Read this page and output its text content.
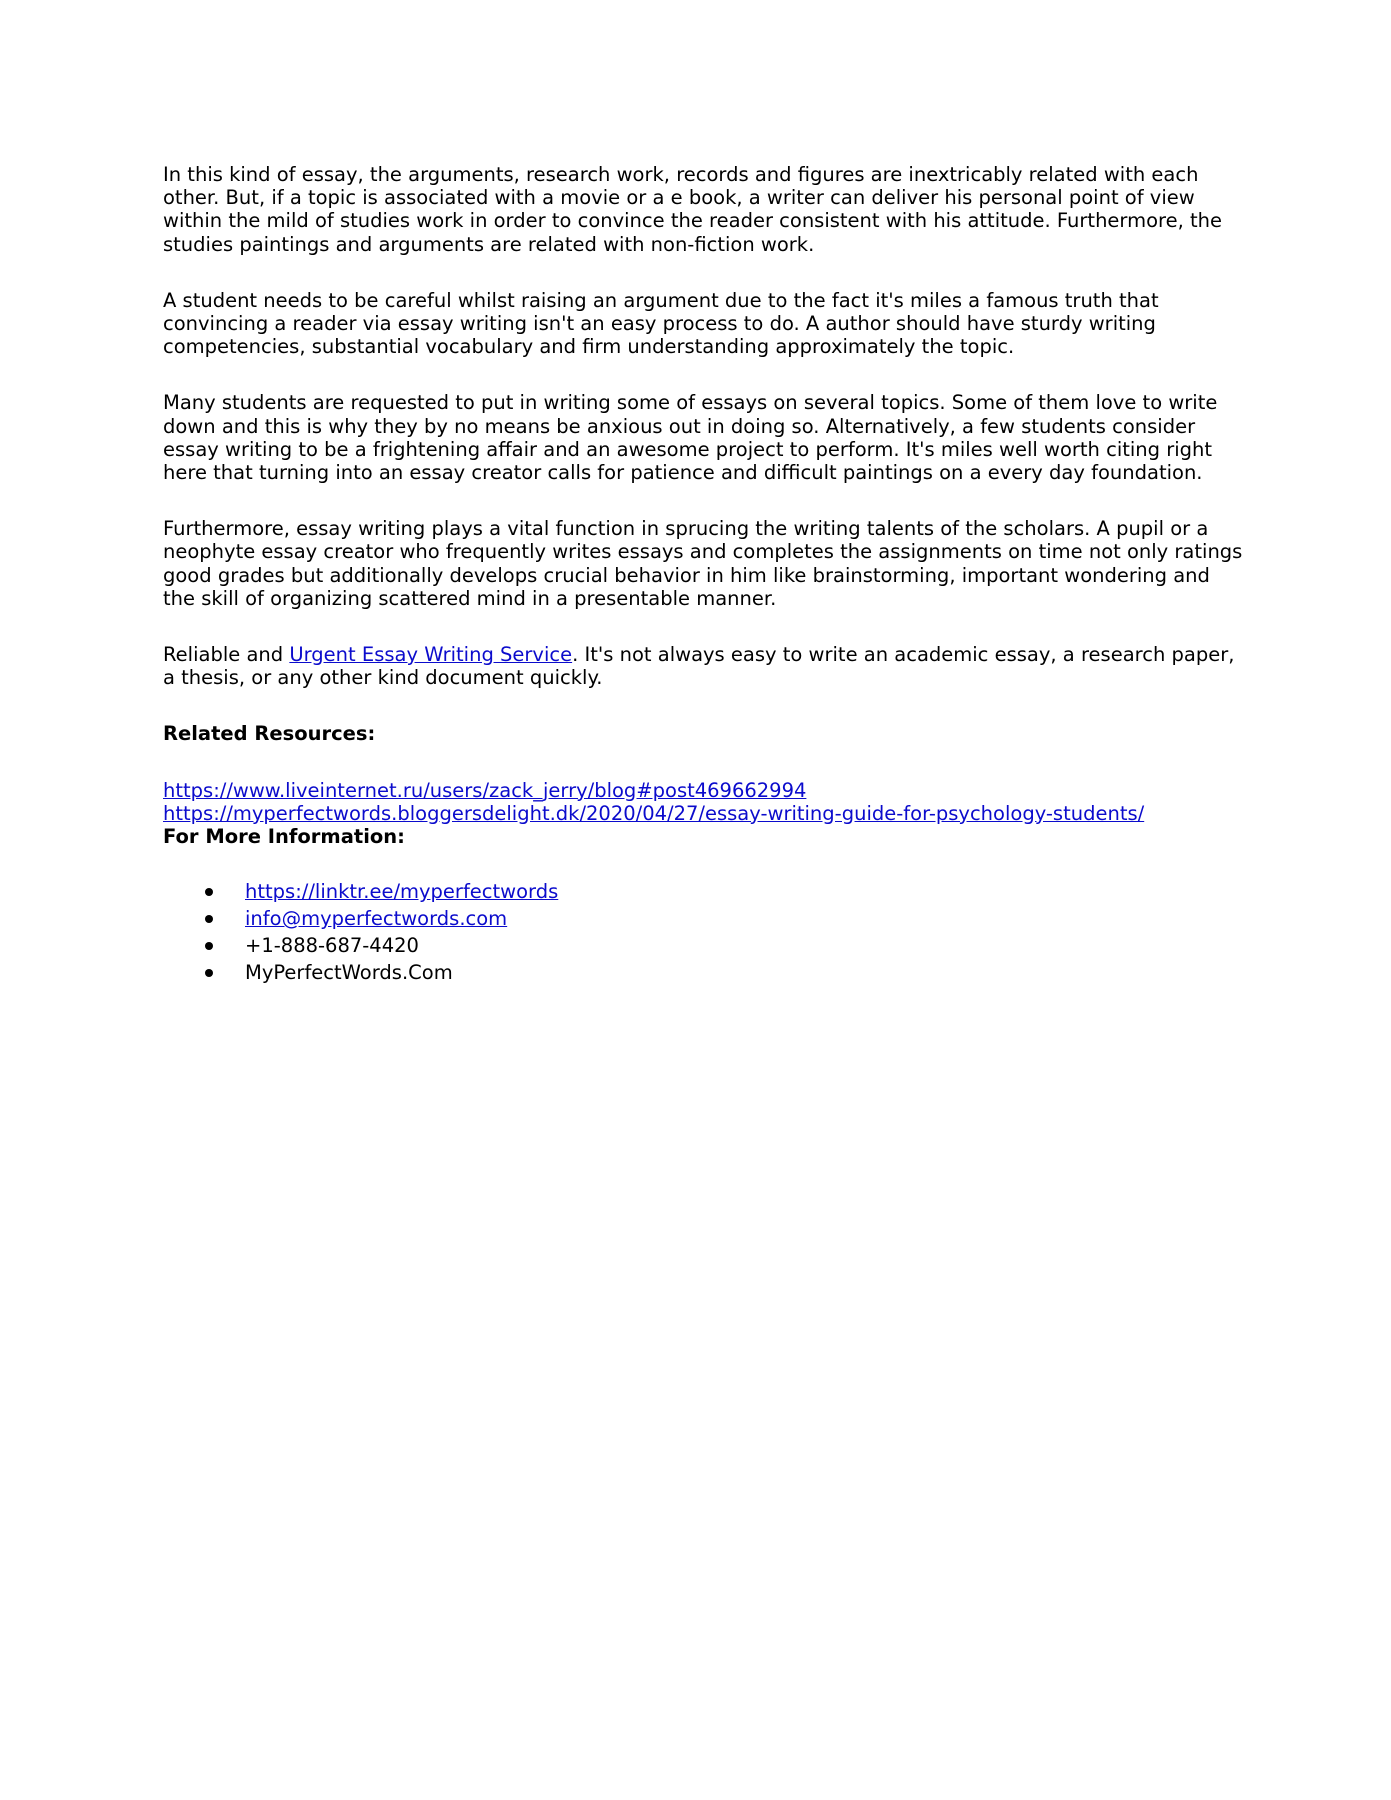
In this kind of essay, the arguments, research work, records and figures are inextricably related with each other. But, if a topic is associated with a movie or a e book, a writer can deliver his personal point of view within the mild of studies work in order to convince the reader consistent with his attitude. Furthermore, the studies paintings and arguments are related with non-fiction work.

A student needs to be careful whilst raising an argument due to the fact it's miles a famous truth that convincing a reader via essay writing isn't an easy process to do. A author should have sturdy writing competencies, substantial vocabulary and firm understanding approximately the topic.

Many students are requested to put in writing some of essays on several topics. Some of them love to write down and this is why they by no means be anxious out in doing so. Alternatively, a few students consider essay writing to be a frightening affair and an awesome project to perform. It's miles well worth citing right here that turning into an essay creator calls for patience and difficult paintings on a every day foundation.

Furthermore, essay writing plays a vital function in sprucing the writing talents of the scholars. A pupil or a neophyte essay creator who frequently writes essays and completes the assignments on time not only ratings good grades but additionally develops crucial behavior in him like brainstorming, important wondering and the skill of organizing scattered mind in a presentable manner.

Reliable and Urgent Essay Writing Service. It's not always easy to write an academic essay, a research paper, a thesis, or any other kind document quickly.

Related Resources:

https://www.liveinternet.ru/users/zack_jerry/blog#post469662994
https://myperfectwords.bloggersdelight.dk/2020/04/27/essay-writing-guide-for-psychology-students/

For More Information:

https://linktr.ee/myperfectwords
info@myperfectwords.com
+1-888-687-4420
MyPerfectWords.Com
